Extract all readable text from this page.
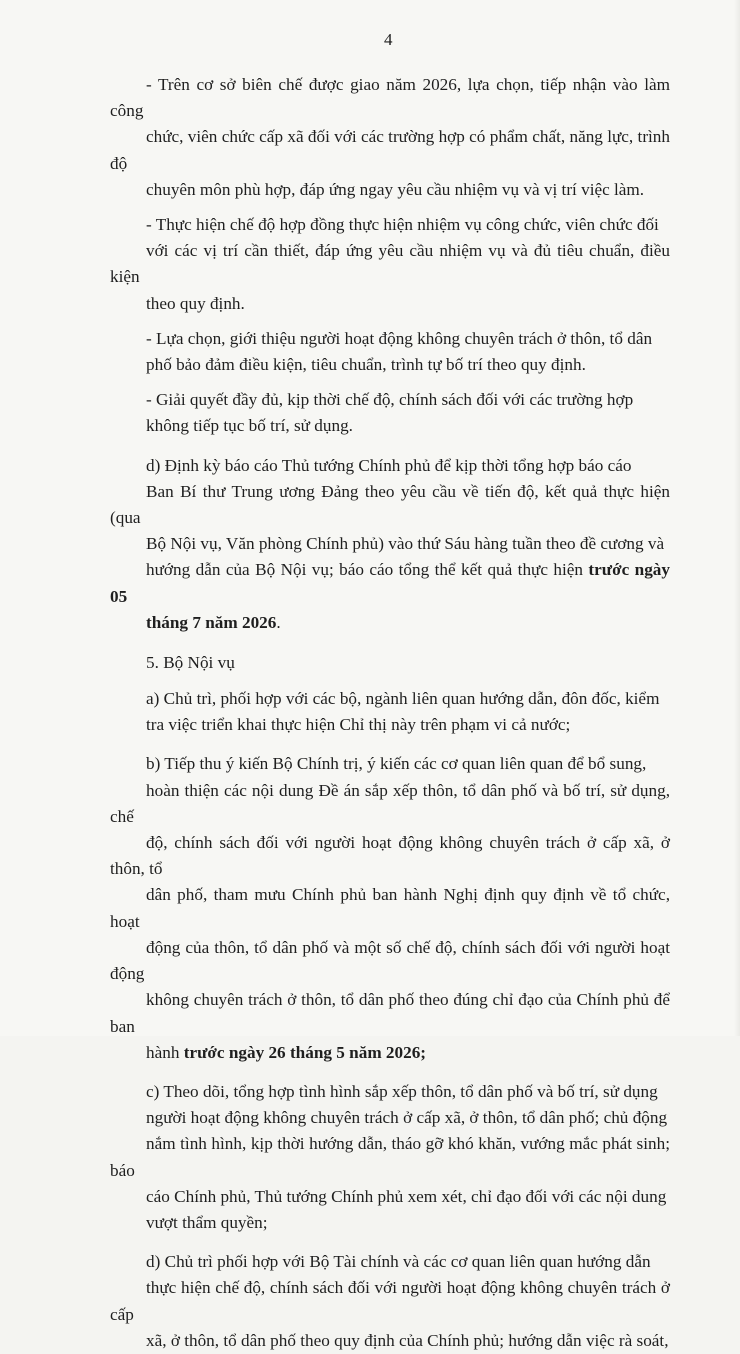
4

- Trên cơ sở biên chế được giao năm 2026, lựa chọn, tiếp nhận vào làm công
chức, viên chức cấp xã đối với các trường hợp có phẩm chất, năng lực, trình độ
chuyên môn phù hợp, đáp ứng ngay yêu cầu nhiệm vụ và vị trí việc làm.

- Thực hiện chế độ hợp đồng thực hiện nhiệm vụ công chức, viên chức đối
với các vị trí cần thiết, đáp ứng yêu cầu nhiệm vụ và đủ tiêu chuẩn, điều kiện
theo quy định.

- Lựa chọn, giới thiệu người hoạt động không chuyên trách ở thôn, tổ dân
phố bảo đảm điều kiện, tiêu chuẩn, trình tự bố trí theo quy định.

- Giải quyết đầy đủ, kịp thời chế độ, chính sách đối với các trường hợp
không tiếp tục bố trí, sử dụng.

d) Định kỳ báo cáo Thủ tướng Chính phủ để kịp thời tổng hợp báo cáo
Ban Bí thư Trung ương Đảng theo yêu cầu về tiến độ, kết quả thực hiện (qua
Bộ Nội vụ, Văn phòng Chính phủ) vào thứ Sáu hàng tuần theo đề cương và
hướng dẫn của Bộ Nội vụ; báo cáo tổng thể kết quả thực hiện trước ngày 05
tháng 7 năm 2026.

5. Bộ Nội vụ

a) Chủ trì, phối hợp với các bộ, ngành liên quan hướng dẫn, đôn đốc, kiểm
tra việc triển khai thực hiện Chỉ thị này trên phạm vi cả nước;

b) Tiếp thu ý kiến Bộ Chính trị, ý kiến các cơ quan liên quan để bổ sung,
hoàn thiện các nội dung Đề án sắp xếp thôn, tổ dân phố và bố trí, sử dụng, chế
độ, chính sách đối với người hoạt động không chuyên trách ở cấp xã, ở thôn, tổ
dân phố, tham mưu Chính phủ ban hành Nghị định quy định về tổ chức, hoạt
động của thôn, tổ dân phố và một số chế độ, chính sách đối với người hoạt động
không chuyên trách ở thôn, tổ dân phố theo đúng chỉ đạo của Chính phủ để ban
hành trước ngày 26 tháng 5 năm 2026;

c) Theo dõi, tổng hợp tình hình sắp xếp thôn, tổ dân phố và bố trí, sử dụng
người hoạt động không chuyên trách ở cấp xã, ở thôn, tổ dân phố; chủ động
nắm tình hình, kịp thời hướng dẫn, tháo gỡ khó khăn, vướng mắc phát sinh; báo
cáo Chính phủ, Thủ tướng Chính phủ xem xét, chỉ đạo đối với các nội dung
vượt thẩm quyền;

d) Chủ trì phối hợp với Bộ Tài chính và các cơ quan liên quan hướng dẫn
thực hiện chế độ, chính sách đối với người hoạt động không chuyên trách ở cấp
xã, ở thôn, tổ dân phố theo quy định của Chính phủ; hướng dẫn việc rà soát,
